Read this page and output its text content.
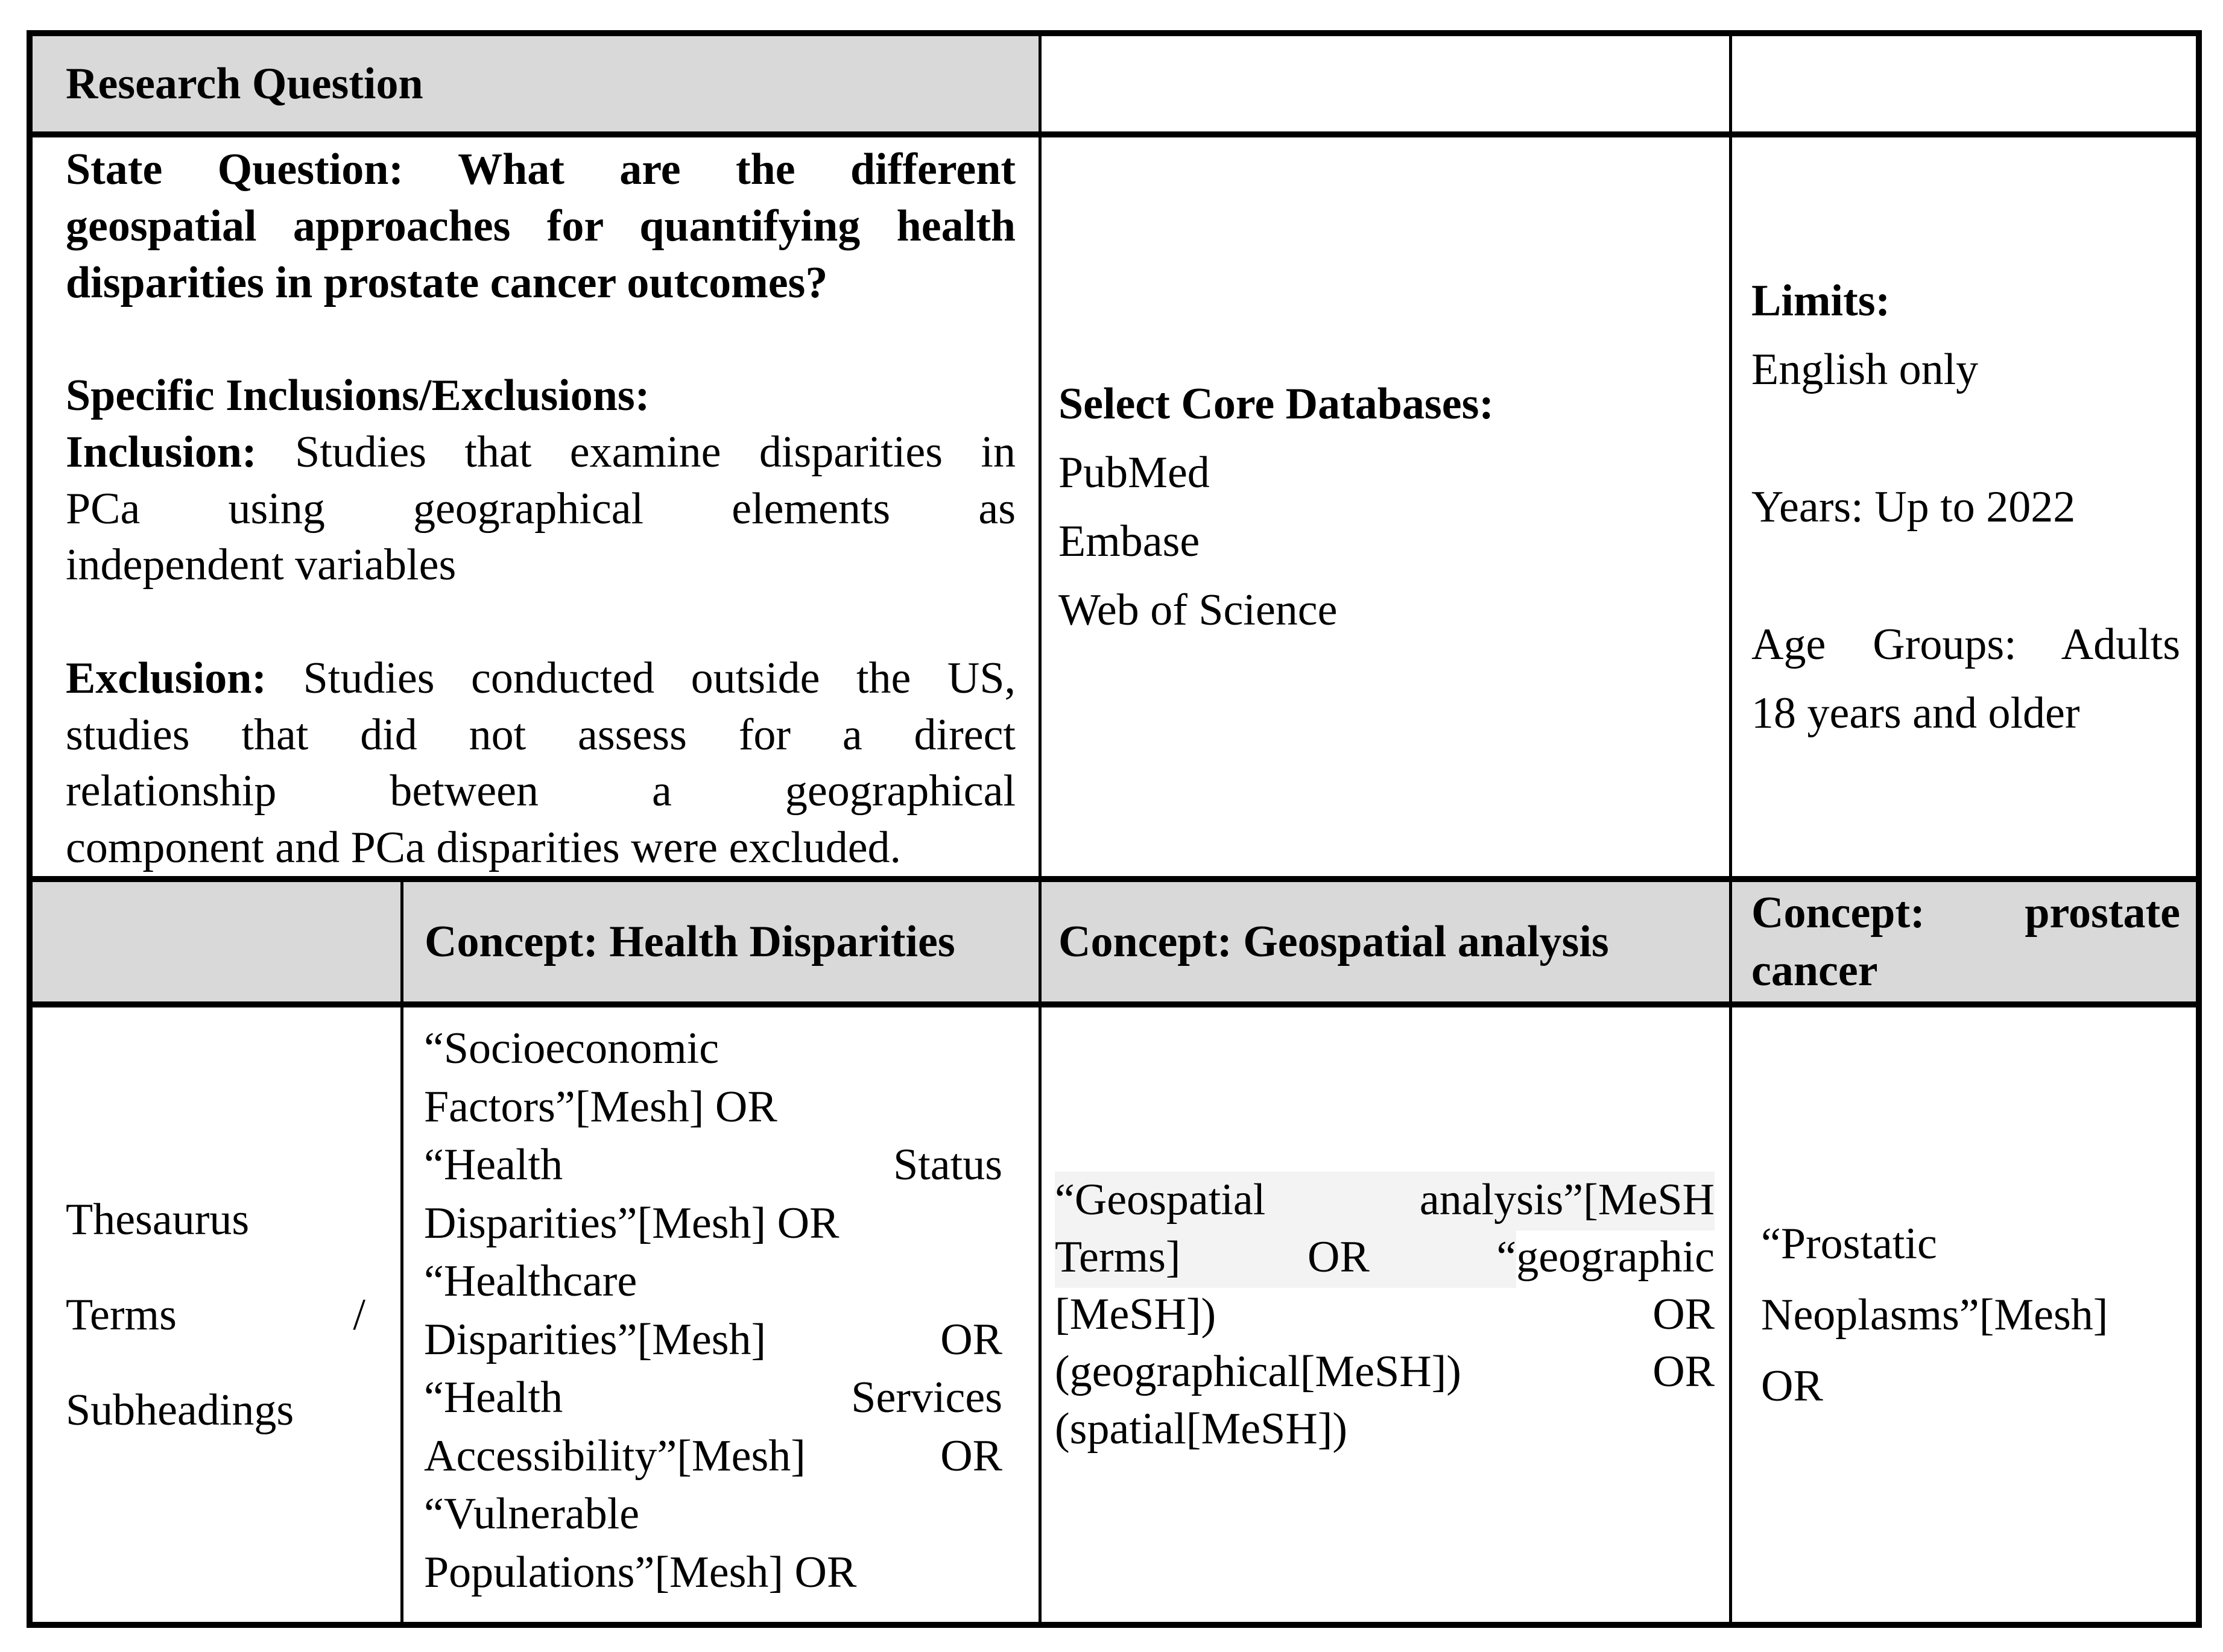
Research Question
State Question: What are the different
geospatial approaches for quantifying health
disparities in prostate cancer outcomes?

Specific Inclusions/Exclusions:
Inclusion: Studies that examine disparities in
PCa using geographical elements as
independent variables

Exclusion: Studies conducted outside the US,
studies that did not assess for a direct
relationship between a geographical
component and PCa disparities were excluded.
Select Core Databases:
PubMed
Embase
Web of Science
Limits:
English only

Years: Up to 2022

Age Groups: Adults
18 years and older
Concept: Health Disparities	Concept: Geospatial analysis
Concept: prostate
cancer
Thesaurus
Terms /
Subheadings
“Socioeconomic
Factors”[Mesh] OR
“Health Status
Disparities”[Mesh] OR
“Healthcare
Disparities”[Mesh] OR
“Health Services
Accessibility”[Mesh] OR
“Vulnerable
Populations”[Mesh] OR
“Geospatial analysis”[MeSH
Terms] OR “geographic
[MeSH]) OR
(geographical[MeSH]) OR
(spatial[MeSH])
“Prostatic
Neoplasms”[Mesh]
OR
